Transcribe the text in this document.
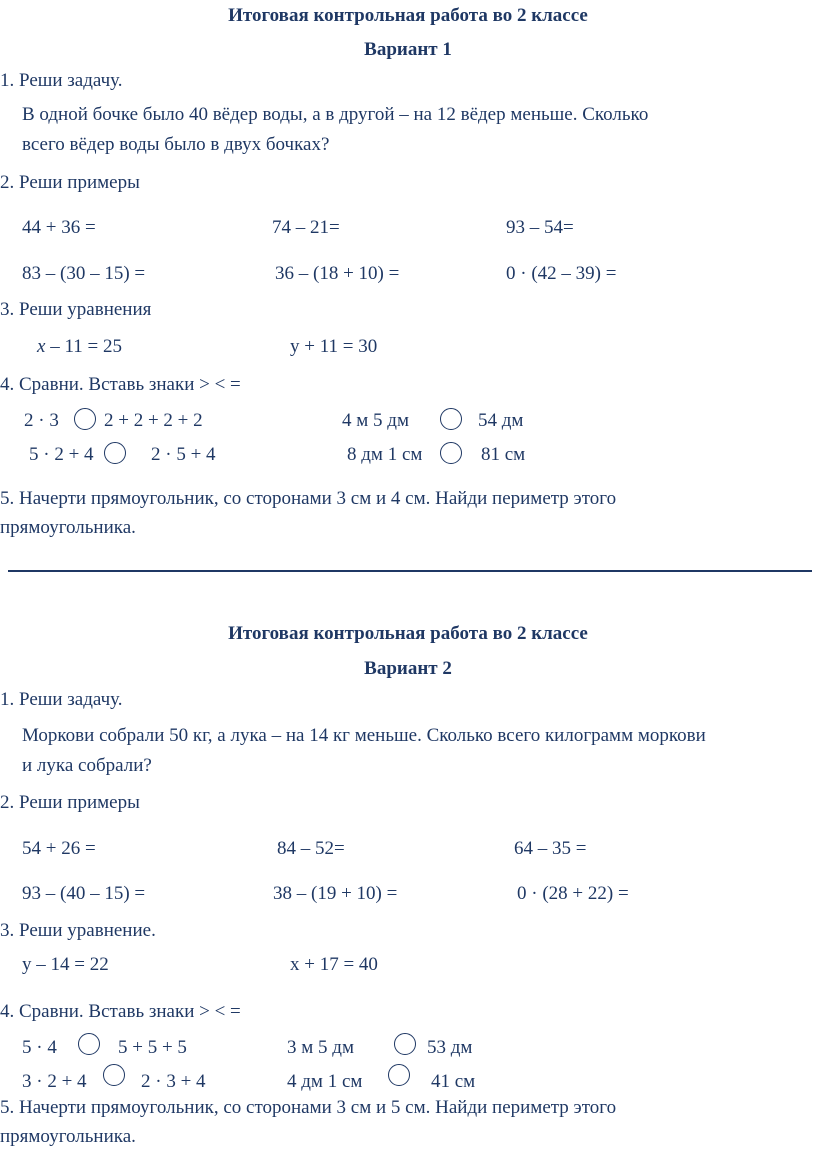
Итоговая контрольная работа во 2 классе
Вариант 1
1. Реши задачу.
В одной бочке было 40 вёдер воды, а в другой – на 12 вёдер меньше. Сколько
всего вёдер воды было в двух бочках?
2. Реши примеры
44 + 36 =	74 – 21=	93 – 54=
83 – (30 – 15) =	36 – (18 + 10) =	0 · (42 – 39) =
3. Реши уравнения
x – 11 = 25	у + 11 = 30
4. Сравни. Вставь знаки > < =
2 · 3 2 + 2 + 2 + 2	4 м 5 дм	54 дм
5 · 2 + 4	2 · 5 + 4	8 дм 1 см	81 см
5. Начерти прямоугольник, со сторонами 3 см и 4 см. Найди периметр этого
прямоугольника.
Итоговая контрольная работа во 2 классе
Вариант 2
1. Реши задачу.
Моркови собрали 50 кг, а лука – на 14 кг меньше. Сколько всего килограмм моркови
и лука собрали?
2. Реши примеры
54 + 26 =	84 – 52=	64 – 35 =
93 – (40 – 15) =	38 – (19 + 10) =	0 · (28 + 22) =
3. Реши уравнение.
у – 14 = 22	x + 17 = 40
4. Сравни. Вставь знаки > < =
5 · 4	5 + 5 + 5	3 м 5 дм	53 дм
3 · 2 + 4	2 · 3 + 4	4 дм 1 см	41 см
5. Начерти прямоугольник, со сторонами 3 см и 5 см. Найди периметр этого
прямоугольника.
